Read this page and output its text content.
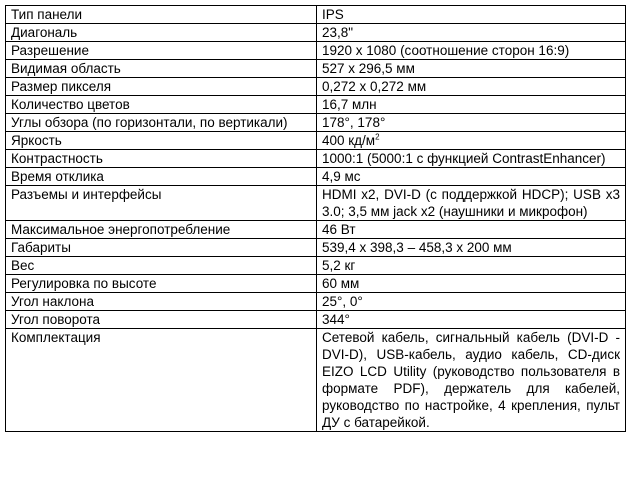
Тип панели	IPS
Диагональ	23,8"
Разрешение	1920 x 1080 (соотношение сторон 16:9)
Видимая область	527 x 296,5 мм
Размер пикселя	0,272 x 0,272 мм
Количество цветов	16,7 млн
Углы обзора (по горизонтали, по вертикали)	178°, 178°
Яркость	400 $кд/м^2$
Контрастность	1000:1 (5000:1 с функцией ContrastEnhancer)
Время отклика	4,9 мс
Разъемы и интерфейсы	HDMI x2, DVI-D (с поддержкой HDCP); USB x3 3.0; 3,5 мм jack x2 (наушники и микрофон)
Максимальное энергопотребление	46 Вт
Габариты	539,4 x 398,3 – 458,3 x 200 мм
Вес	5,2 кг
Регулировка по высоте	60 мм
Угол наклона	25°, 0°
Угол поворота	344°
Комплектация	Сетевой кабель, сигнальный кабель (DVI-D - DVI-D), USB-кабель, аудио кабель, CD-диск EIZO LCD Utility (руководство пользователя в формате PDF), держатель для кабелей, руководство по настройке, 4 крепления, пульт ДУ с батарейкой.
